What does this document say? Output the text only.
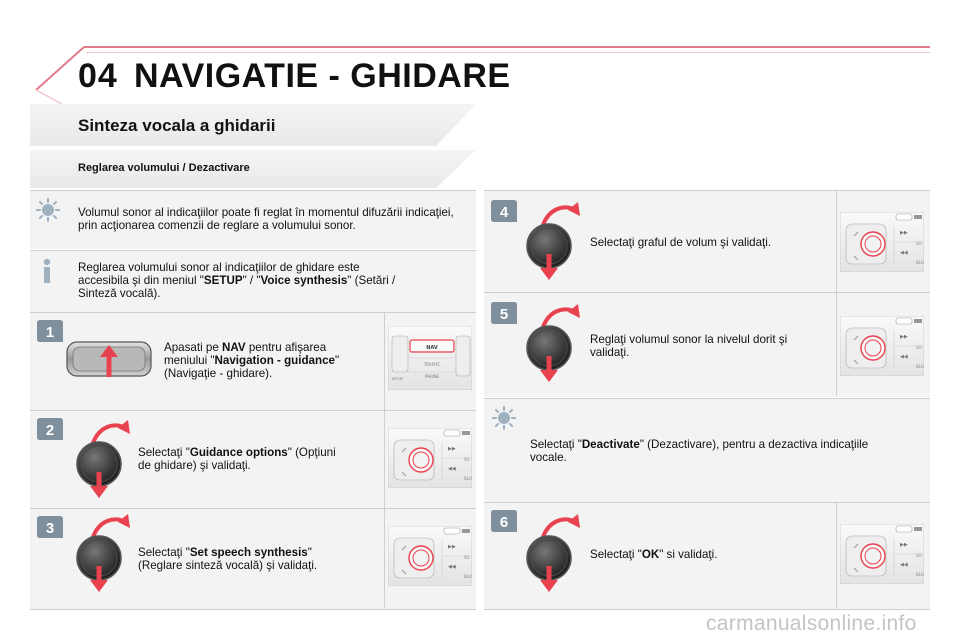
04 NAVIGATIE - GHIDARE
Sinteza vocala a ghidarii
Reglarea volumului / Dezactivare
Volumul sonor al indicaţiilor poate fi reglat în momentul difuzării indicaţiei, prin acţionarea comenzii de reglare a volumului sonor.
Reglarea volumului sonor al indicaţiilor de ghidare este
accesibila şi din meniul "SETUP" / "Voice synthesis" (Setări /
Sinteză vocală).
1
Apasati pe NAV pentru afişarea
meniului "Navigation - guidance"
(Navigaţie - ghidare).
NAV
TRAFFIC
PHONE
SETUP
2
Selectaţi "Guidance options" (Opţiuni
de ghidare) şi validaţi.
3
Selectaţi "Set speech synthesis"
(Reglare sinteză vocală) şi validaţi.
4
Selectaţi graful de volum şi validaţi.
5
Reglaţi volumul sonor la nivelul dorit şi
validaţi.
Selectaţi "Deactivate" (Dezactivare), pentru a dezactiva indicaţiile
vocale.
6
Selectaţi "OK" si validaţi.
carmanualsonline.info
